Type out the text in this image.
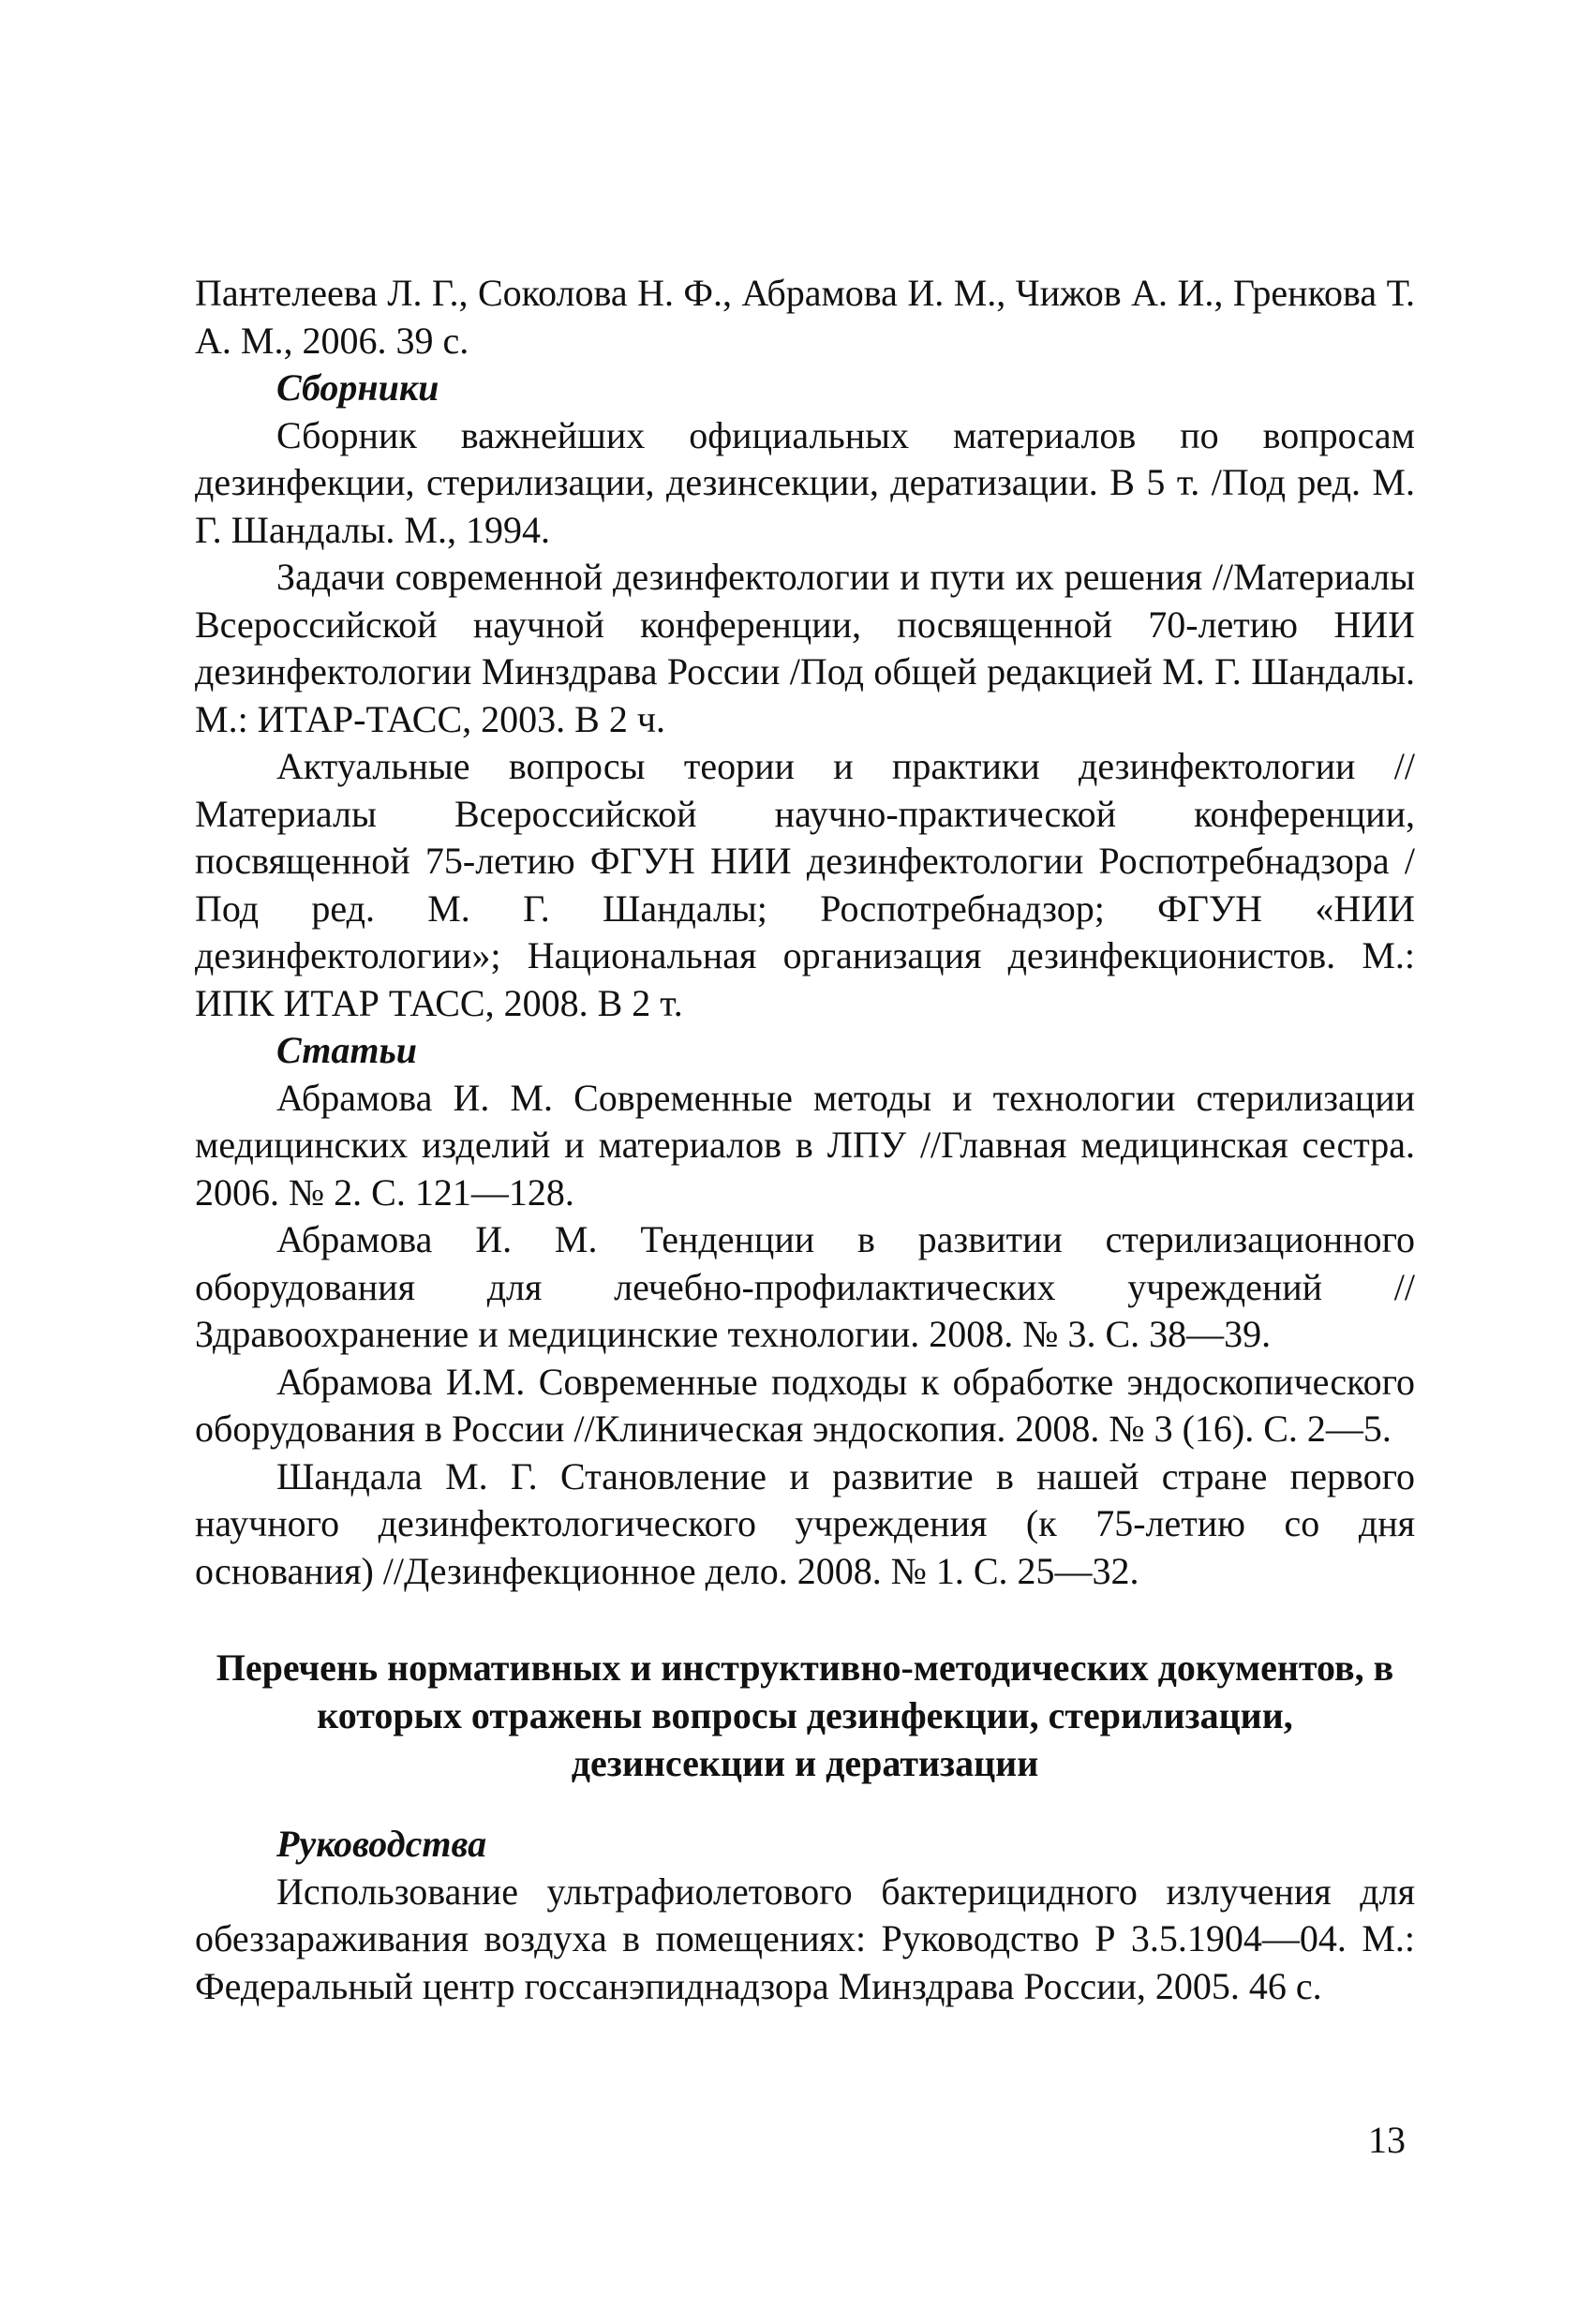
Пантелеева Л. Г., Соколова Н. Ф., Абрамова И. М., Чижов А. И., Гренкова Т. А. М., 2006. 39 с.

Сборники

Сборник важнейших официальных материалов по вопросам дезинфекции, стерилизации, дезинсекции, дератизации. В 5 т. /Под ред. М. Г. Шандалы. М., 1994.

Задачи современной дезинфектологии и пути их решения //Материалы Всероссийской научной конференции, посвященной 70-летию НИИ дезинфектологии Минздрава России /Под общей редакцией М. Г. Шандалы. М.: ИТАР-ТАСС, 2003. В 2 ч.

Актуальные вопросы теории и практики дезинфектологии //Материалы Всероссийской научно-практической конференции, посвященной 75-летию ФГУН НИИ дезинфектологии Роспотребнадзора /Под ред. М. Г. Шандалы; Роспотребнадзор; ФГУН «НИИ дезинфектологии»; Национальная организация дезинфекционистов. М.: ИПК ИТАР ТАСС, 2008. В 2 т.

Статьи

Абрамова И. М. Современные методы и технологии стерилизации медицинских изделий и материалов в ЛПУ //Главная медицинская сестра. 2006. № 2. С. 121—128.

Абрамова И. М. Тенденции в развитии стерилизационного оборудования для лечебно-профилактических учреждений //Здравоохранение и медицинские технологии. 2008. № 3. С. 38—39.

Абрамова И.М. Современные подходы к обработке эндоскопического оборудования в России //Клиническая эндоскопия. 2008. № 3 (16). С. 2—5.

Шандала М. Г. Становление и развитие в нашей стране первого научного дезинфектологического учреждения (к 75-летию со дня основания) //Дезинфекционное дело. 2008. № 1. С. 25—32.

Перечень нормативных и инструктивно-методических документов, в которых отражены вопросы дезинфекции, стерилизации, дезинсекции и дератизации

Руководства

Использование ультрафиолетового бактерицидного излучения для обеззараживания воздуха в помещениях: Руководство Р 3.5.1904—04. М.: Федеральный центр госсанэпиднадзора Минздрава России, 2005. 46 с.

13
